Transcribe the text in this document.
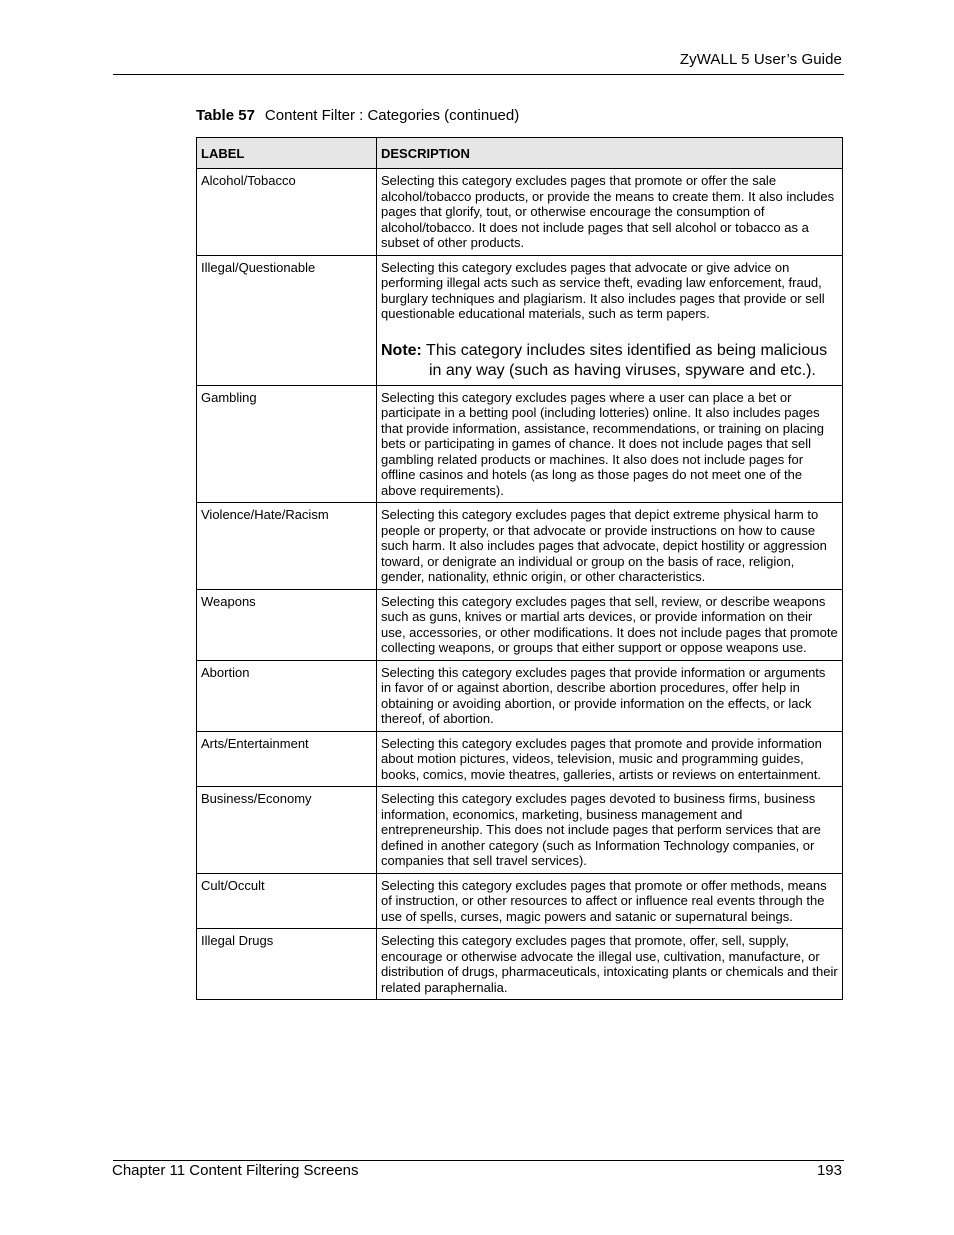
ZyWALL 5 User’s Guide
Table 57 Content Filter : Categories (continued)
LABEL	DESCRIPTION
Alcohol/Tobacco	Selecting this category excludes pages that promote or offer the sale alcohol/tobacco products, or provide the means to create them. It also includes pages that glorify, tout, or otherwise encourage the consumption of alcohol/tobacco. It does not include pages that sell alcohol or tobacco as a subset of other products.
Illegal/Questionable	Selecting this category excludes pages that advocate or give advice on performing illegal acts such as service theft, evading law enforcement, fraud, burglary techniques and plagiarism. It also includes pages that provide or sell questionable educational materials, such as term papers.
Note: This category includes sites identified as being malicious in any way (such as having viruses, spyware and etc.).

Gambling	Selecting this category excludes pages where a user can place a bet or participate in a betting pool (including lotteries) online. It also includes pages that provide information, assistance, recommendations, or training on placing bets or participating in games of chance. It does not include pages that sell gambling related products or machines. It also does not include pages for offline casinos and hotels (as long as those pages do not meet one of the above requirements).
Violence/Hate/Racism	Selecting this category excludes pages that depict extreme physical harm to people or property, or that advocate or provide instructions on how to cause such harm. It also includes pages that advocate, depict hostility or aggression toward, or denigrate an individual or group on the basis of race, religion, gender, nationality, ethnic origin, or other characteristics.
Weapons	Selecting this category excludes pages that sell, review, or describe weapons such as guns, knives or martial arts devices, or provide information on their use, accessories, or other modifications. It does not include pages that promote collecting weapons, or groups that either support or oppose weapons use.
Abortion	Selecting this category excludes pages that provide information or arguments in favor of or against abortion, describe abortion procedures, offer help in obtaining or avoiding abortion, or provide information on the effects, or lack thereof, of abortion.
Arts/Entertainment	Selecting this category excludes pages that promote and provide information about motion pictures, videos, television, music and programming guides, books, comics, movie theatres, galleries, artists or reviews on entertainment.
Business/Economy	Selecting this category excludes pages devoted to business firms, business information, economics, marketing, business management and entrepreneurship. This does not include pages that perform services that are defined in another category (such as Information Technology companies, or companies that sell travel services).
Cult/Occult	Selecting this category excludes pages that promote or offer methods, means of instruction, or other resources to affect or influence real events through the use of spells, curses, magic powers and satanic or supernatural beings.
Illegal Drugs	Selecting this category excludes pages that promote, offer, sell, supply, encourage or otherwise advocate the illegal use, cultivation, manufacture, or distribution of drugs, pharmaceuticals, intoxicating plants or chemicals and their related paraphernalia.
Chapter 11 Content Filtering Screens	193
